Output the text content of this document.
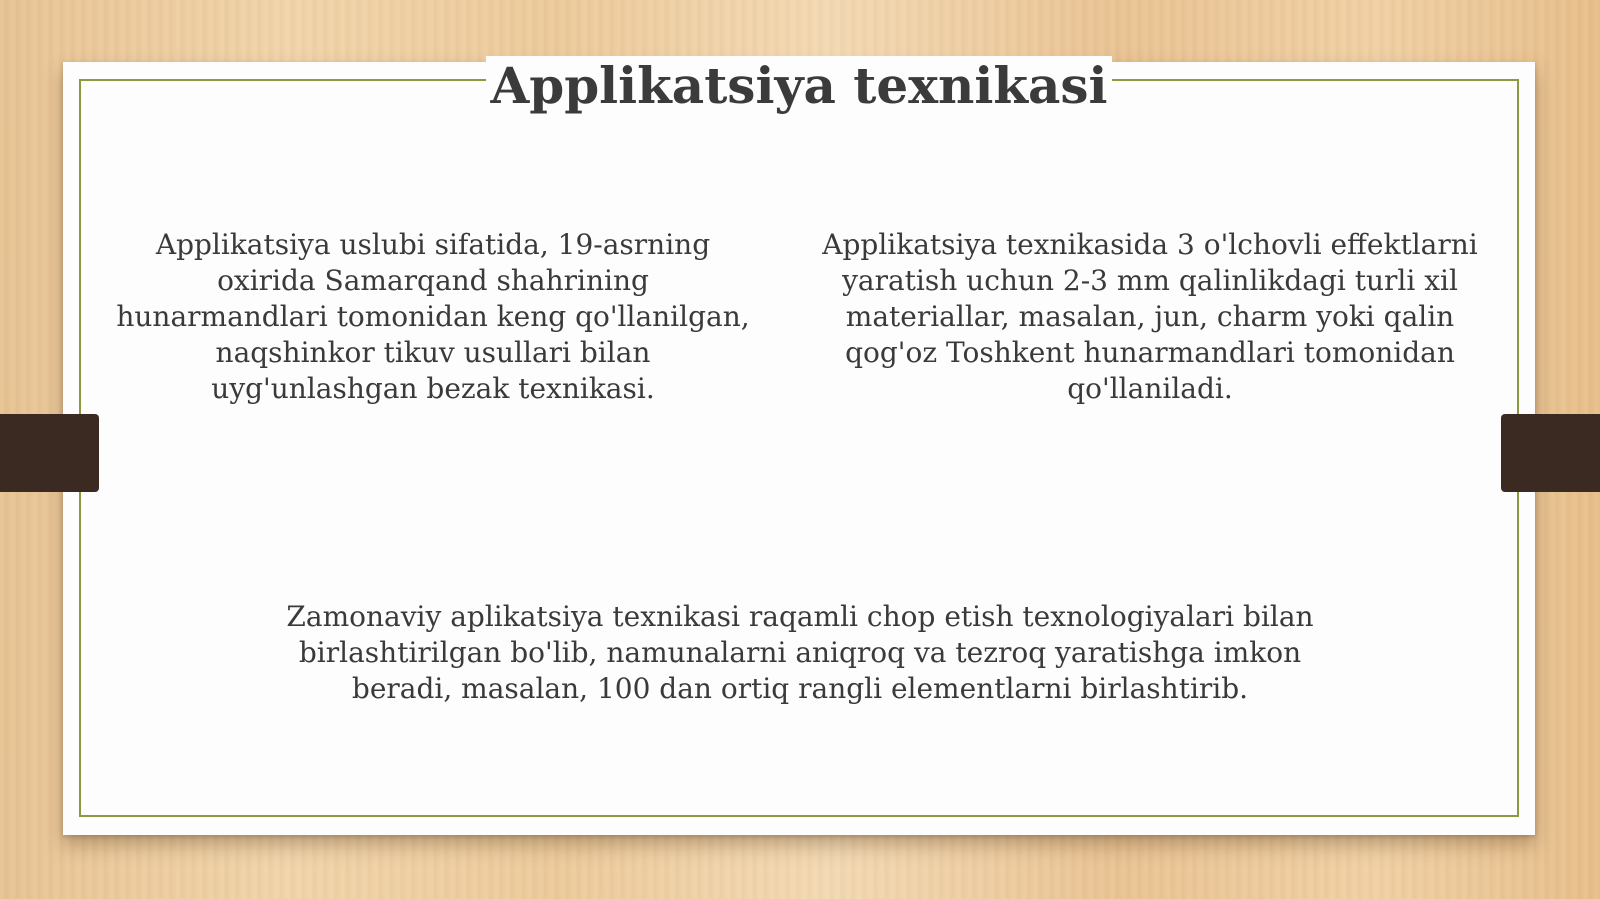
Applikatsiya texnikasi

Applikatsiya uslubi sifatida, 19-asrning oxirida Samarqand shahrining hunarmandlari tomonidan keng qo'llanilgan, naqshinkor tikuv usullari bilan uyg'unlashgan bezak texnikasi.

Applikatsiya texnikasida 3 o'lchovli effektlarni yaratish uchun 2-3 mm qalinlikdagi turli xil materiallar, masalan, jun, charm yoki qalin qog'oz Toshkent hunarmandlari tomonidan qo'llaniladi.

Zamonaviy aplikatsiya texnikasi raqamli chop etish texnologiyalari bilan birlashtirilgan bo'lib, namunalarni aniqroq va tezroq yaratishga imkon beradi, masalan, 100 dan ortiq rangli elementlarni birlashtirib.
